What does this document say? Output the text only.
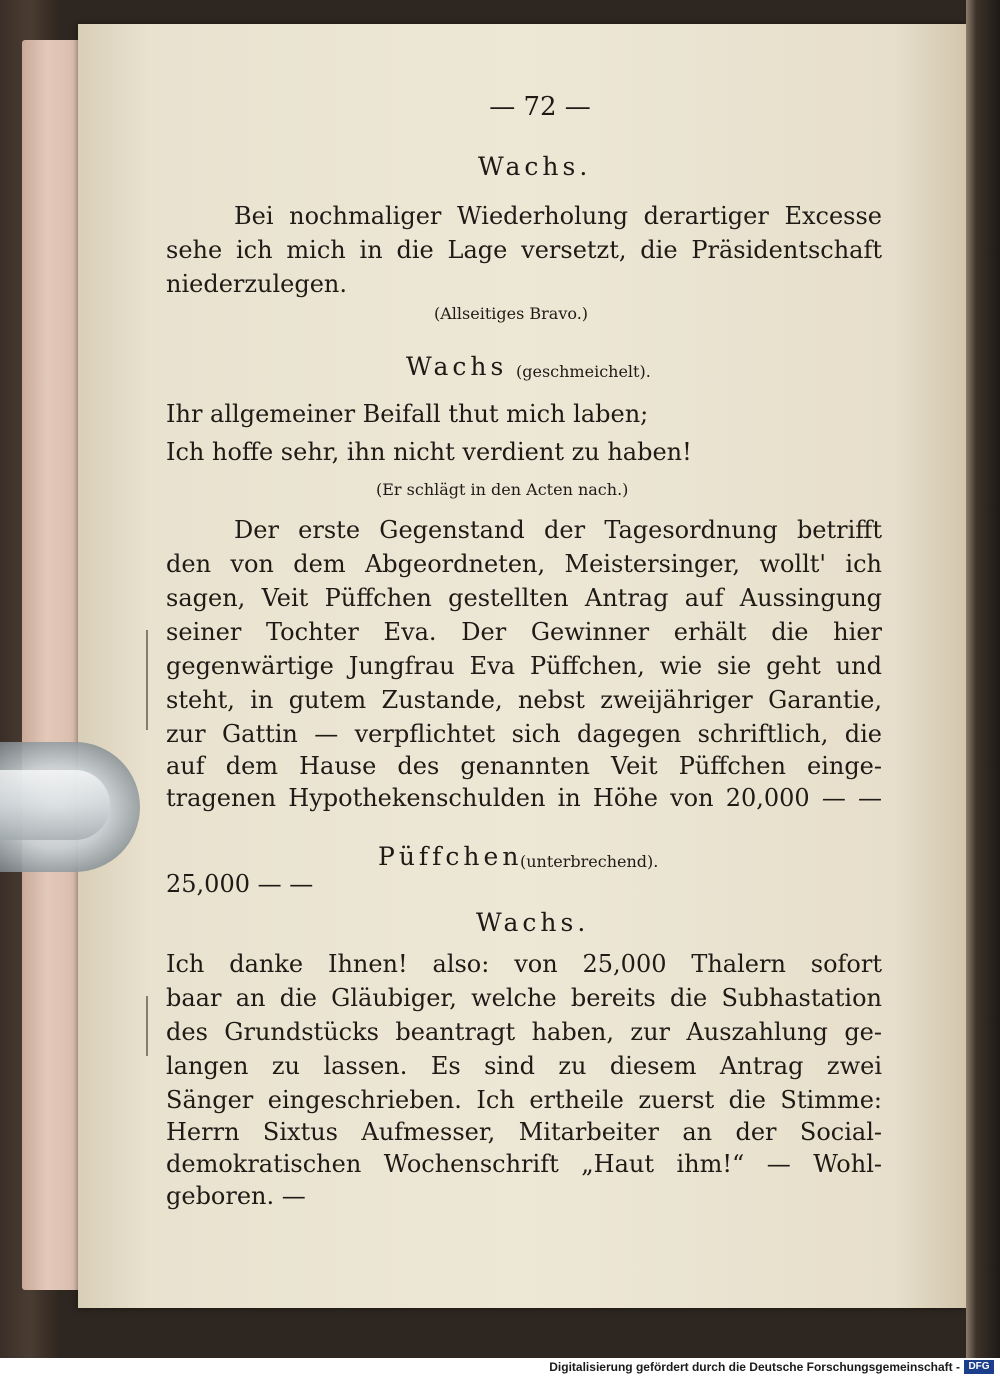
— 72 —
Wachs.
Bei nochmaliger Wiederholung derartiger Excesse
sehe ich mich in die Lage versetzt, die Präsidentschaft
niederzulegen.
(Allseitiges Bravo.)
Wachs (geschmeichelt).
Ihr allgemeiner Beifall thut mich laben;
Ich hoffe sehr, ihn nicht verdient zu haben!
(Er schlägt in den Acten nach.)
Der erste Gegenstand der Tagesordnung betrifft
den von dem Abgeordneten, Meistersinger, wollt' ich
sagen, Veit Püffchen gestellten Antrag auf Aussingung
seiner Tochter Eva. Der Gewinner erhält die hier
gegenwärtige Jungfrau Eva Püffchen, wie sie geht und
steht, in gutem Zustande, nebst zweijähriger Garantie,
zur Gattin — verpflichtet sich dagegen schriftlich, die
auf dem Hause des genannten Veit Püffchen einge-
tragenen Hypothekenschulden in Höhe von 20,000 — —
Püffchen
(unterbrechend).
25,000 — —
Wachs.
Ich danke Ihnen! also: von 25,000 Thalern sofort
baar an die Gläubiger, welche bereits die Subhastation
des Grundstücks beantragt haben, zur Auszahlung ge-
langen zu lassen. Es sind zu diesem Antrag zwei
Sänger eingeschrieben. Ich ertheile zuerst die Stimme:
Herrn Sixtus Aufmesser, Mitarbeiter an der Social-
demokratischen Wochenschrift „Haut ihm!“ — Wohl-
geboren. —
Digitalisierung gefördert durch die Deutsche Forschungsgemeinschaft - DFG
